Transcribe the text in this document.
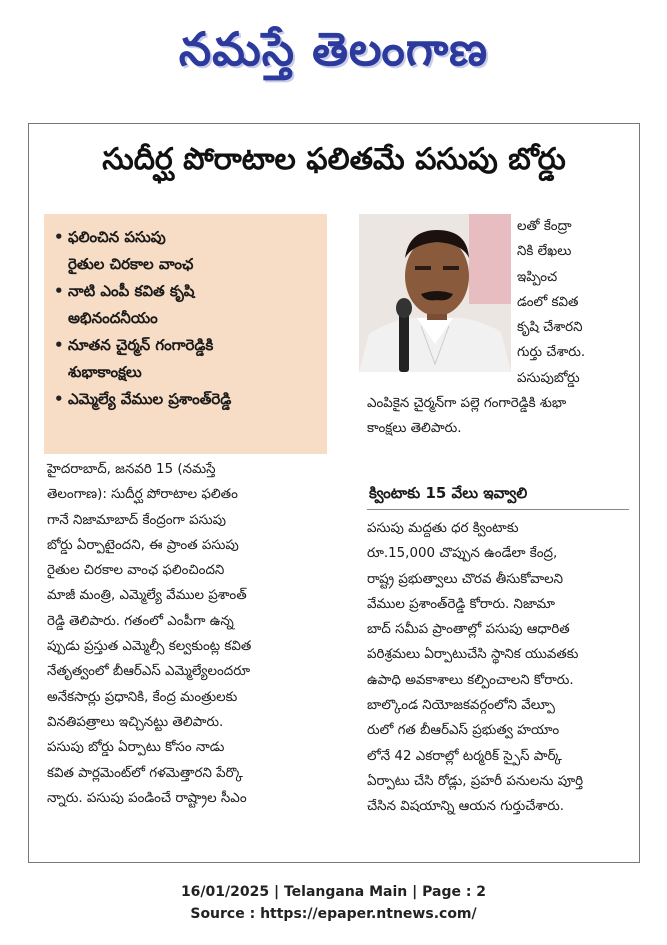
నమస్తే తెలంగాణ
సుదీర్ఘ పోరాటాల ఫలితమే పసుపు బోర్డు
• ఫలించిన పసుపు
రైతుల చిరకాల వాంఛ
• నాటి ఎంపీ కవిత కృషి
అభినందనీయం
• నూతన చైర్మన్ గంగారెడ్డికి
శుభాకాంక్షలు
• ఎమ్మెల్యే వేముల ప్రశాంత్‌రెడ్డి

లతో కేంద్రా

నికి లేఖలు

ఇప్పించ

డంలో కవిత

కృషి చేశారని

గుర్తు చేశారు.

పసుపుబోర్డు

ఎంపికైన చైర్మన్‌గా పల్లె గంగారెడ్డికి శుభా

కాంక్షలు తెలిపారు.

క్వింటాకు 15 వేలు ఇవ్వాలి

హైదరాబాద్, జనవరి 15 (నమస్తే

తెలంగాణ): సుదీర్ఘ పోరాటాల ఫలితం

గానే నిజామాబాద్ కేంద్రంగా పసుపు

బోర్డు ఏర్పాటైందని, ఈ ప్రాంత పసుపు

రైతుల చిరకాల వాంఛ ఫలించిందని

మాజీ మంత్రి, ఎమ్మెల్యే వేముల ప్రశాంత్

రెడ్డి తెలిపారు. గతంలో ఎంపీగా ఉన్న

ప్పుడు ప్రస్తుత ఎమ్మెల్సీ కల్వకుంట్ల కవిత

నేతృత్వంలో బీఆర్‌ఎస్ ఎమ్మెల్యేలందరూ

అనేకసార్లు ప్రధానికి, కేంద్ర మంత్రులకు

వినతిపత్రాలు ఇచ్చినట్టు తెలిపారు.

పసుపు బోర్డు ఏర్పాటు కోసం నాడు

కవిత పార్లమెంట్‌లో గళమెత్తారని పేర్కొ

న్నారు. పసుపు పండించే రాష్ట్రాల సీఎం

పసుపు మద్దతు ధర క్వింటాకు

రూ.15,000 చొప్పున ఉండేలా కేంద్ర,

రాష్ట్ర ప్రభుత్వాలు చొరవ తీసుకోవాలని

వేముల ప్రశాంత్‌రెడ్డి కోరారు. నిజామా

బాద్ సమీప ప్రాంతాల్లో పసుపు ఆధారిత

పరిశ్రమలు ఏర్పాటుచేసి స్థానిక యువతకు

ఉపాధి అవకాశాలు కల్పించాలని కోరారు.

బాల్కొండ నియోజకవర్గంలోని వేల్పూ

రులో గత బీఆర్‌ఎస్ ప్రభుత్వ హయాం

లోనే 42 ఎకరాల్లో టర్మరిక్ స్పైస్ పార్క్

ఏర్పాటు చేసి రోడ్లు, ప్రహరీ పనులను పూర్తి

చేసిన విషయాన్ని ఆయన గుర్తుచేశారు.

16/01/2025 | Telangana Main | Page : 2
Source : https://epaper.ntnews.com/
